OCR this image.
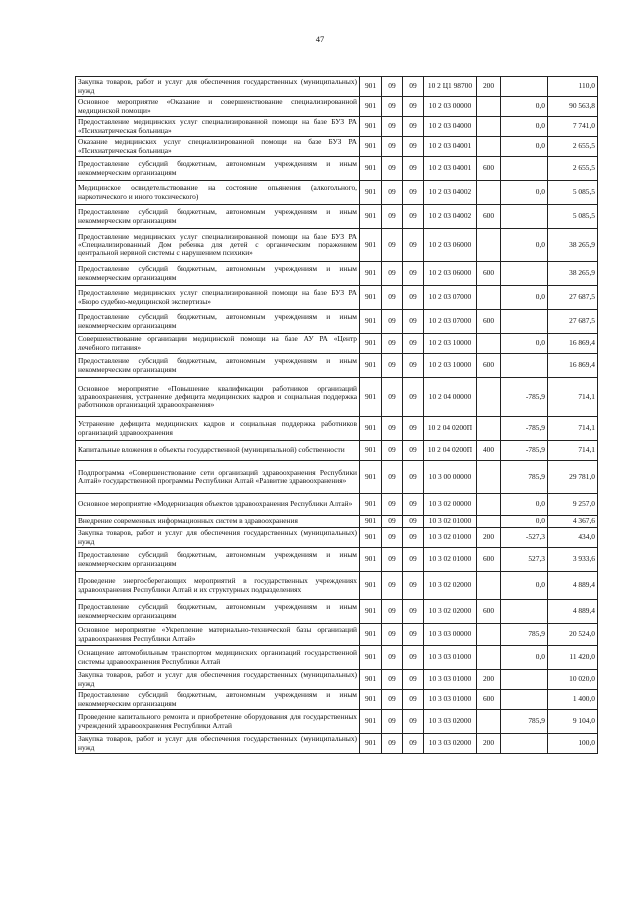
47
Закупка товаров, работ и услуг для обеспечения государственных (муниципальных) нужд	901	09	09	10 2 Ц1 98700	200		110,0
Основное мероприятие «Оказание и совершенствование специализированной медицинской помощи»	901	09	09	10 2 03 00000		0,0	90 563,8
Предоставление медицинских услуг специализированной помощи на базе БУЗ РА «Психиатрическая больница»	901	09	09	10 2 03 04000		0,0	7 741,0
Оказание медицинских услуг специализированной помощи на базе БУЗ РА «Психиатрическая больница»	901	09	09	10 2 03 04001		0,0	2 655,5
Предоставление субсидий бюджетным, автономным учреждениям и иным некоммерческим организациям	901	09	09	10 2 03 04001	600		2 655,5
Медицинское освидетельствование на состояние опьянения (алкогольного, наркотического и иного токсического)	901	09	09	10 2 03 04002		0,0	5 085,5
Предоставление субсидий бюджетным, автономным учреждениям и иным некоммерческим организациям	901	09	09	10 2 03 04002	600		5 085,5
Предоставление медицинских услуг специализированной помощи на базе БУЗ РА «Специализированный Дом ребенка для детей с органическим поражением центральной нервной системы с нарушением психики»	901	09	09	10 2 03 06000		0,0	38 265,9
Предоставление субсидий бюджетным, автономным учреждениям и иным некоммерческим организациям	901	09	09	10 2 03 06000	600		38 265,9
Предоставление медицинских услуг специализированной помощи на базе БУЗ РА «Бюро судебно-медицинской экспертизы»	901	09	09	10 2 03 07000		0,0	27 687,5
Предоставление субсидий бюджетным, автономным учреждениям и иным некоммерческим организациям	901	09	09	10 2 03 07000	600		27 687,5
Совершенствование организации медицинской помощи на базе АУ РА «Центр лечебного питания»	901	09	09	10 2 03 10000		0,0	16 869,4
Предоставление субсидий бюджетным, автономным учреждениям и иным некоммерческим организациям	901	09	09	10 2 03 10000	600		16 869,4
Основное мероприятие «Повышение квалификации работников организаций здравоохранения, устранение дефицита медицинских кадров и социальная поддержка работников организаций здравоохранения»	901	09	09	10 2 04 00000		-785,9	714,1
Устранение дефицита медицинских кадров и социальная поддержка работников организаций здравоохранения	901	09	09	10 2 04 0200П		-785,9	714,1
Капитальные вложения в объекты государственной (муниципальной) собственности	901	09	09	10 2 04 0200П	400	-785,9	714,1
Подпрограмма «Совершенствование сети организаций здравоохранения Республики Алтай» государственной программы Республики Алтай «Развитие здравоохранения»	901	09	09	10 3 00 00000		785,9	29 781,0
Основное мероприятие «Модернизация объектов здравоохранения Республики Алтай»	901	09	09	10 3 02 00000		0,0	9 257,0
Внедрение современных информационных систем в здравоохранения	901	09	09	10 3 02 01000		0,0	4 367,6
Закупка товаров, работ и услуг для обеспечения государственных (муниципальных) нужд	901	09	09	10 3 02 01000	200	-527,3	434,0
Предоставление субсидий бюджетным, автономным учреждениям и иным некоммерческим организациям	901	09	09	10 3 02 01000	600	527,3	3 933,6
Проведение энергосберегающих мероприятий в государственных учреждениях здравоохранения Республики Алтай и их структурных подразделениях	901	09	09	10 3 02 02000		0,0	4 889,4
Предоставление субсидий бюджетным, автономным учреждениям и иным некоммерческим организациям	901	09	09	10 3 02 02000	600		4 889,4
Основное мероприятие «Укрепление материально-технической базы организаций здравоохранения Республики Алтай»	901	09	09	10 3 03 00000		785,9	20 524,0
Оснащение автомобильным транспортом медицинских организаций государственной системы здравоохранения Республики Алтай	901	09	09	10 3 03 01000		0,0	11 420,0
Закупка товаров, работ и услуг для обеспечения государственных (муниципальных) нужд	901	09	09	10 3 03 01000	200		10 020,0
Предоставление субсидий бюджетным, автономным учреждениям и иным некоммерческим организациям	901	09	09	10 3 03 01000	600		1 400,0
Проведение капитального ремонта и приобретение оборудования для государственных учреждений здравоохранения Республики Алтай	901	09	09	10 3 03 02000		785,9	9 104,0
Закупка товаров, работ и услуг для обеспечения государственных (муниципальных) нужд	901	09	09	10 3 03 02000	200		100,0
